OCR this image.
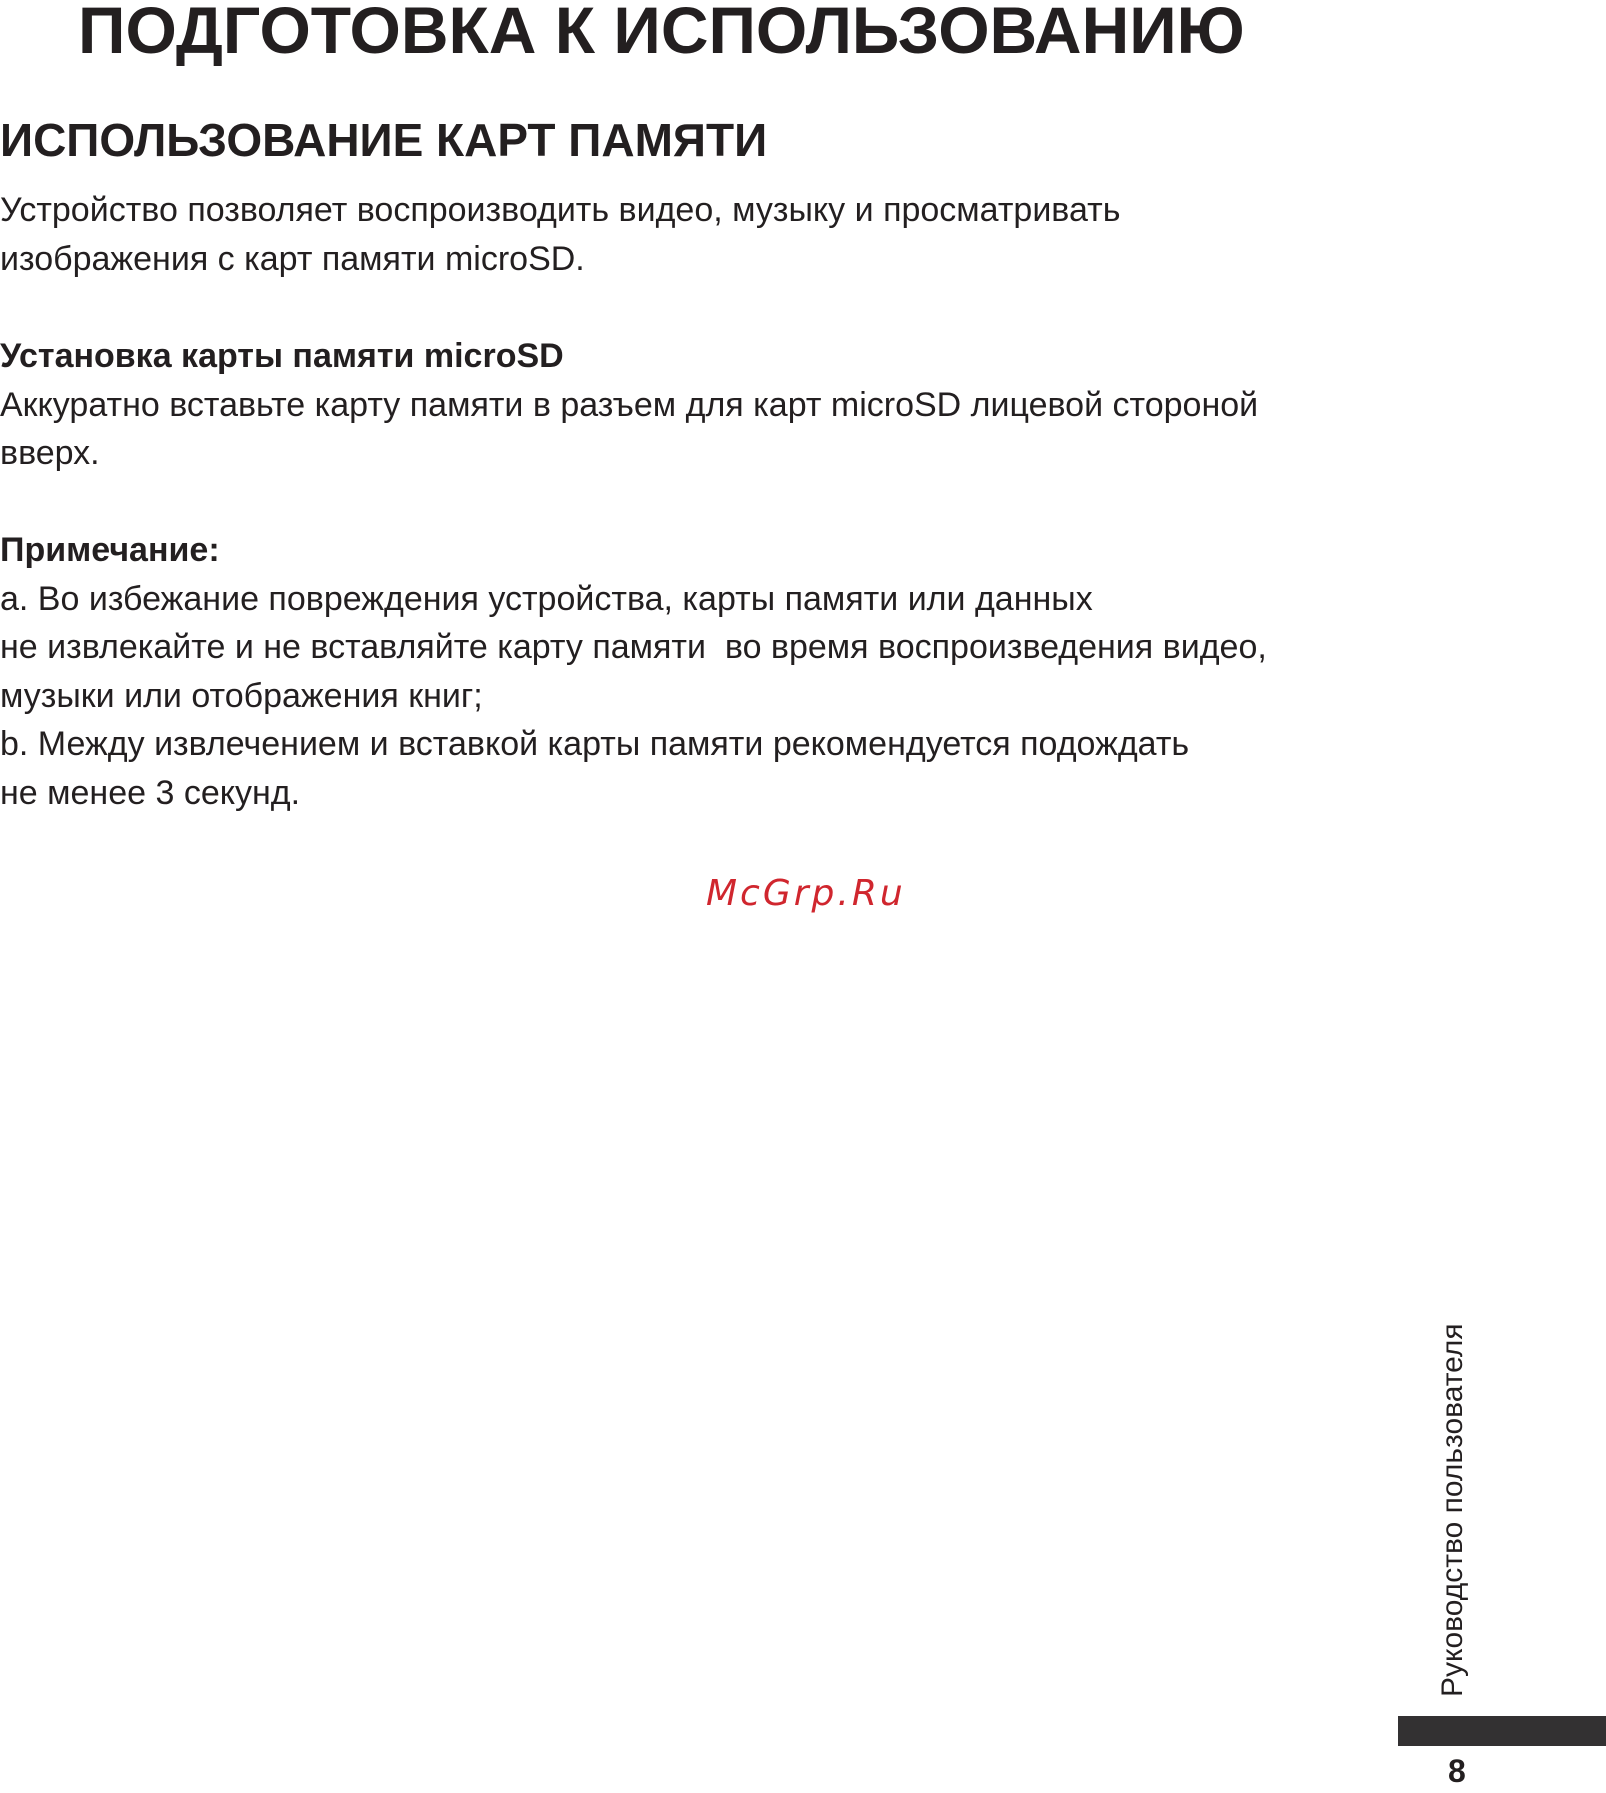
ПОДГОТОВКА К ИСПОЛЬЗОВАНИЮ
ИСПОЛЬЗОВАНИЕ КАРТ ПАМЯТИ
Устройство позволяет воспроизводить видео, музыку и просматривать
изображения с карт памяти microSD.
Установка карты памяти microSD
Аккуратно вставьте карту памяти в разъем для карт microSD лицевой стороной
вверх.
Примечание:
a. Во избежание повреждения устройства, карты памяти или данных
не извлекайте и не вставляйте карту памяти  во время воспроизведения видео,
музыки или отображения книг;
b. Между извлечением и вставкой карты памяти рекомендуется подождать
не менее 3 секунд.
McGrp.Ru
Руководство пользователя
8
